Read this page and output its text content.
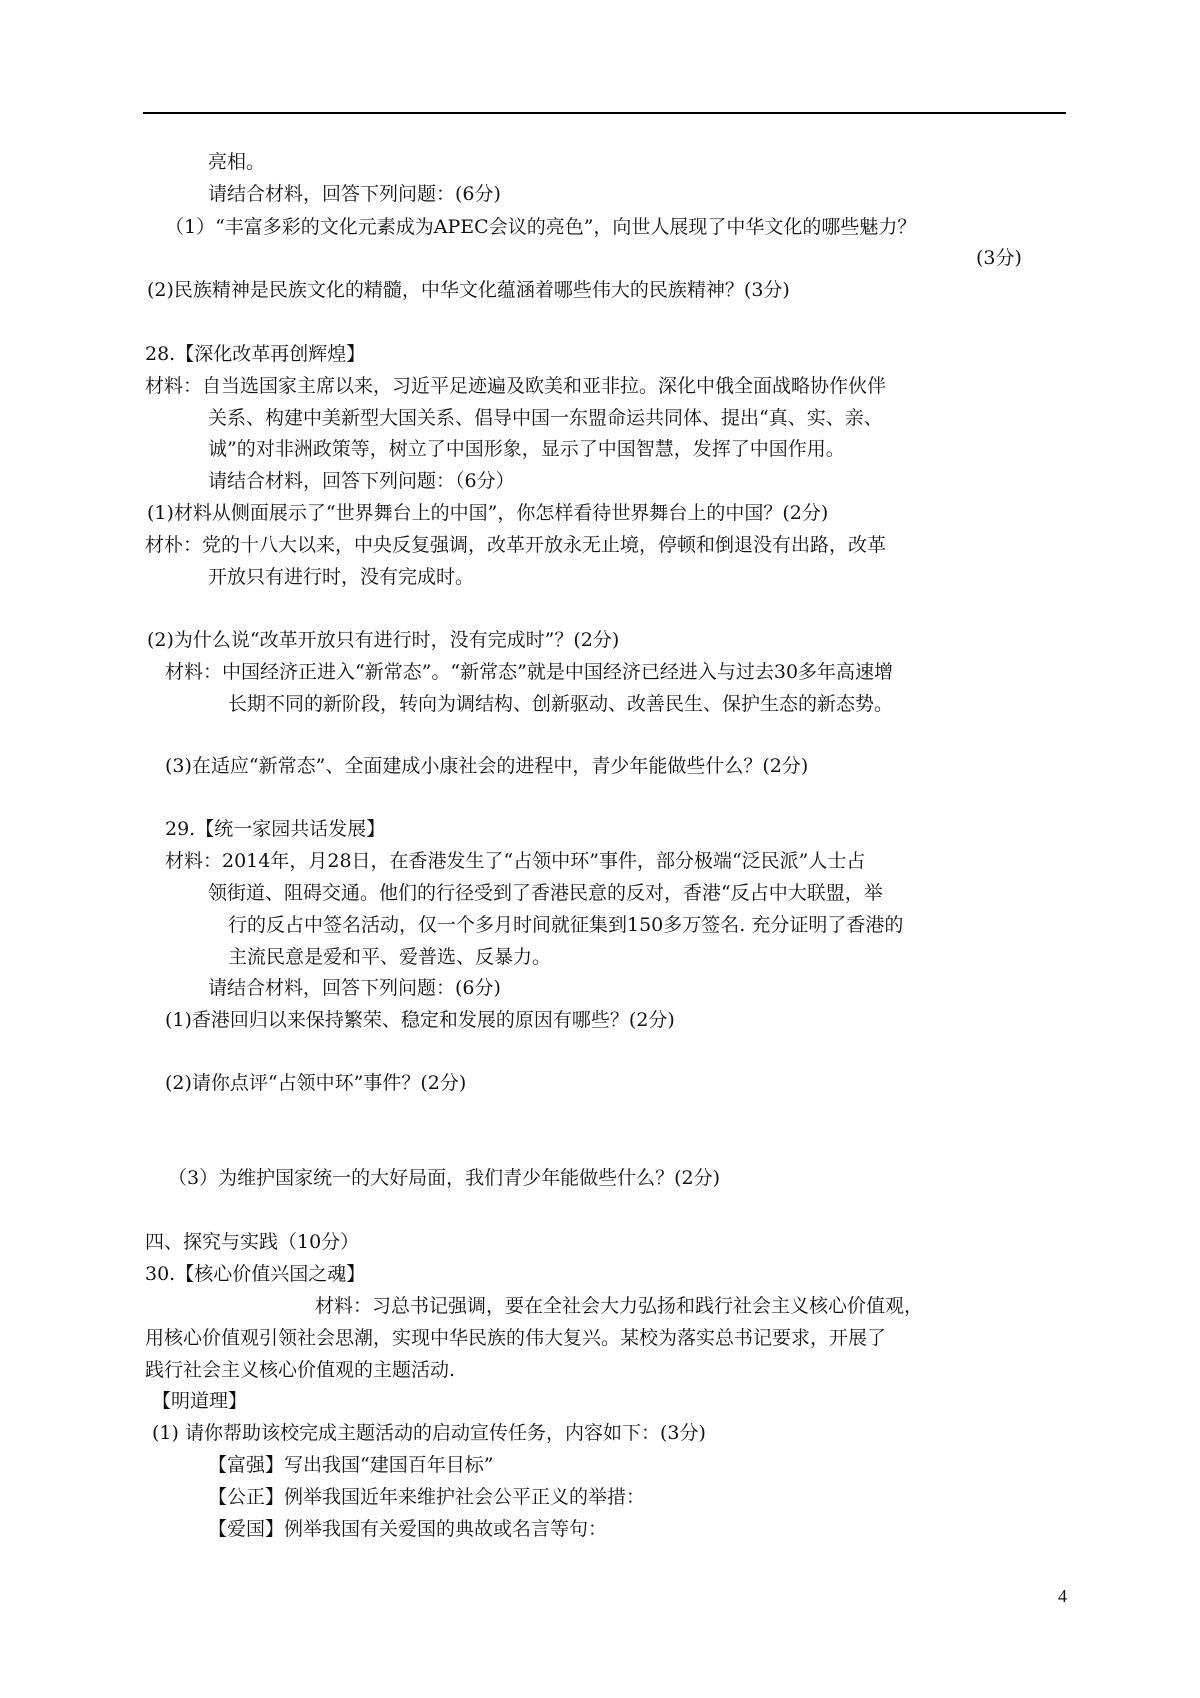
亮相。
请结合材料，回答下列问题：(6分)
（1）“丰富多彩的文化元素成为APEC会议的亮色”，向世人展现了中华文化的哪些魅力？
(3分)
(2)民族精神是民族文化的精髓，中华文化蕴涵着哪些伟大的民族精神？(3分)
28.【深化改革再创辉煌】
材料：自当选国家主席以来，习近平足迹遍及欧美和亚非拉。深化中俄全面战略协作伙伴
关系、构建中美新型大国关系、倡导中国一东盟命运共同体、提出“真、实、亲、
诚”的对非洲政策等，树立了中国形象，显示了中国智慧，发挥了中国作用。
请结合材料，回答下列问题：（6分）
(1)材料从侧面展示了“世界舞台上的中国”，你怎样看待世界舞台上的中国？(2分)
材朴：党的十八大以来，中央反复强调，改革开放永无止境，停顿和倒退没有出路，改革
开放只有进行时，没有完成时。
(2)为什么说“改革开放只有进行时，没有完成时”？(2分)
材料：中国经济正进入“新常态”。“新常态”就是中国经济已经进入与过去30多年高速增
长期不同的新阶段，转向为调结构、创新驱动、改善民生、保护生态的新态势。
(3)在适应“新常态”、全面建成小康社会的进程中，青少年能做些什么？(2分)
29.【统一家园共话发展】
材料：2014年，月28日，在香港发生了“占领中环”事件，部分极端“泛民派”人士占
领街道、阻碍交通。他们的行径受到了香港民意的反对，香港“反占中大联盟，举
行的反占中签名活动，仅一个多月时间就征集到150多万签名. 充分证明了香港的
主流民意是爱和平、爱普选、反暴力。
请结合材料，回答下列问题：(6分)
(1)香港回归以来保持繁荣、稳定和发展的原因有哪些？(2分)
(2)请你点评“占领中环”事件？(2分)
（3）为维护国家统一的大好局面，我们青少年能做些什么？(2分)
四、探究与实践（10分）
30.【核心价值兴国之魂】
材料：习总书记强调，要在全社会大力弘扬和践行社会主义核心价值观，
用核心价值观引领社会思潮，实现中华民族的伟大复兴。某校为落实总书记要求，开展了
践行社会主义核心价值观的主题活动.
【明道理】
(1) 请你帮助该校完成主题活动的启动宣传任务，内容如下：(3分)
【富强】写出我国“建国百年目标”
【公正】例举我国近年来维护社会公平正义的举措：
【爱国】例举我国有关爱国的典故或名言等句：
4
